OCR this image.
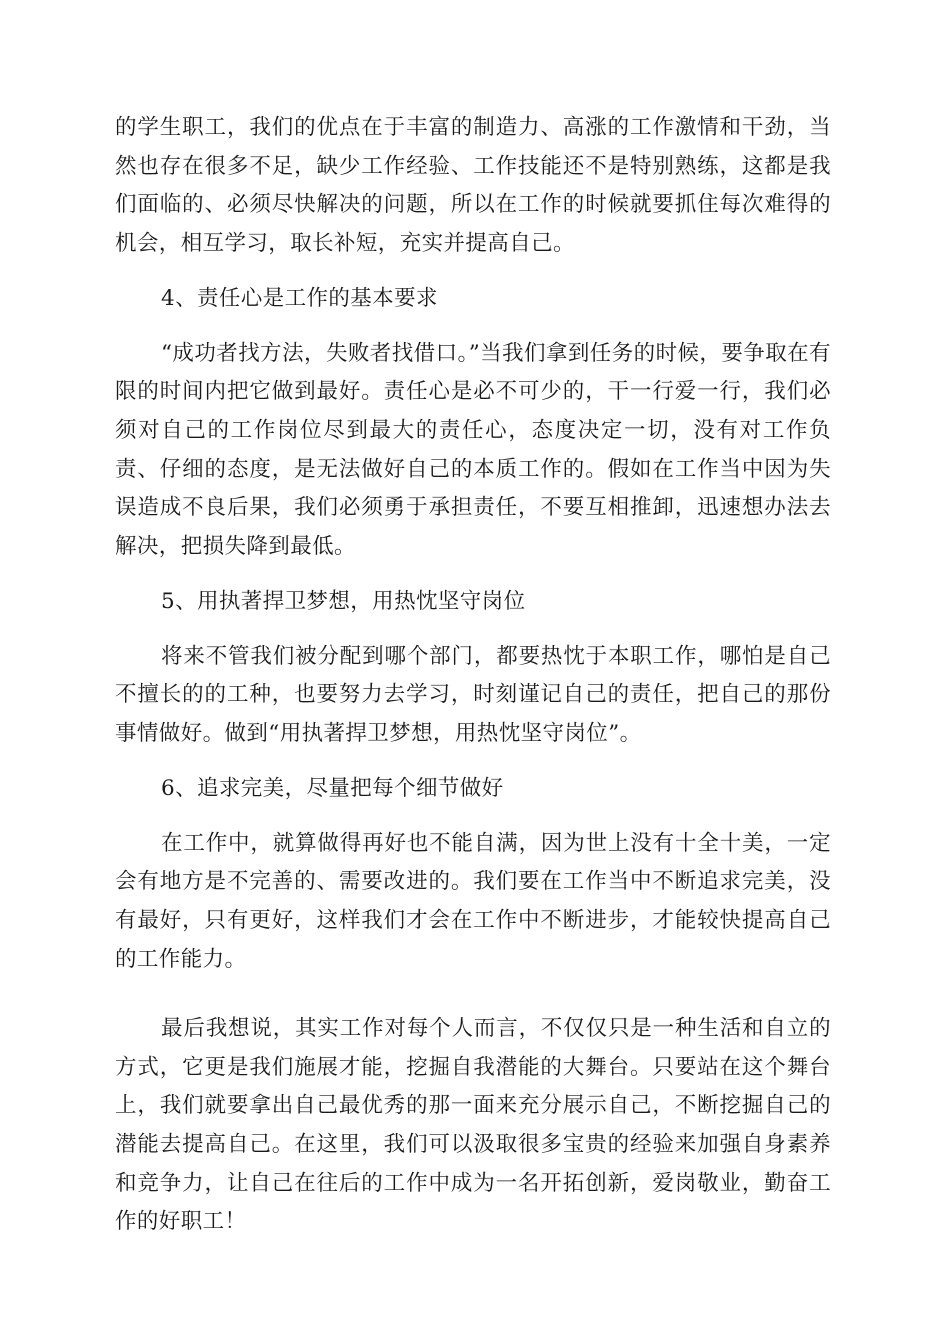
的学生职工，我们的优点在于丰富的制造力、高涨的工作激情和干劲，当然也存在很多不足，缺少工作经验、工作技能还不是特别熟练，这都是我们面临的、必须尽快解决的问题，所以在工作的时候就要抓住每次难得的机会，相互学习，取长补短，充实并提高自己。

4、责任心是工作的基本要求

“成功者找方法，失败者找借口。”当我们拿到任务的时候，要争取在有限的时间内把它做到最好。责任心是必不可少的，干一行爱一行，我们必须对自己的工作岗位尽到最大的责任心，态度决定一切，没有对工作负责、仔细的态度，是无法做好自己的本质工作的。假如在工作当中因为失误造成不良后果，我们必须勇于承担责任，不要互相推卸，迅速想办法去解决，把损失降到最低。

5、用执著捍卫梦想，用热忱坚守岗位

将来不管我们被分配到哪个部门，都要热忱于本职工作，哪怕是自己不擅长的的工种，也要努力去学习，时刻谨记自己的责任，把自己的那份事情做好。做到“用执著捍卫梦想，用热忱坚守岗位”。

6、追求完美，尽量把每个细节做好

在工作中，就算做得再好也不能自满，因为世上没有十全十美，一定会有地方是不完善的、需要改进的。我们要在工作当中不断追求完美，没有最好，只有更好，这样我们才会在工作中不断进步，才能较快提高自己的工作能力。

最后我想说，其实工作对每个人而言，不仅仅只是一种生活和自立的方式，它更是我们施展才能，挖掘自我潜能的大舞台。只要站在这个舞台上，我们就要拿出自己最优秀的那一面来充分展示自己，不断挖掘自己的潜能去提高自己。在这里，我们可以汲取很多宝贵的经验来加强自身素养和竞争力，让自己在往后的工作中成为一名开拓创新，爱岗敬业，勤奋工作的好职工！
